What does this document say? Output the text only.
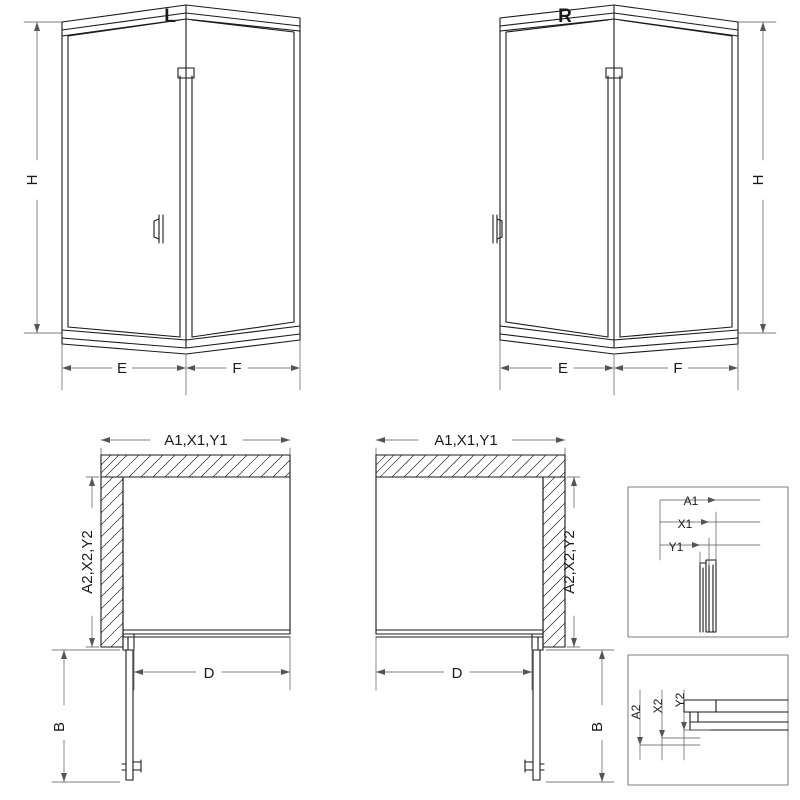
L	R
H	H
E	F	F
E
A1,X1,Y1	A1,X1,Y1
A2,X2,Y2	A2,X2,Y2
D	D
B	B
A1
X1
Y1
A2 X2 Y2
